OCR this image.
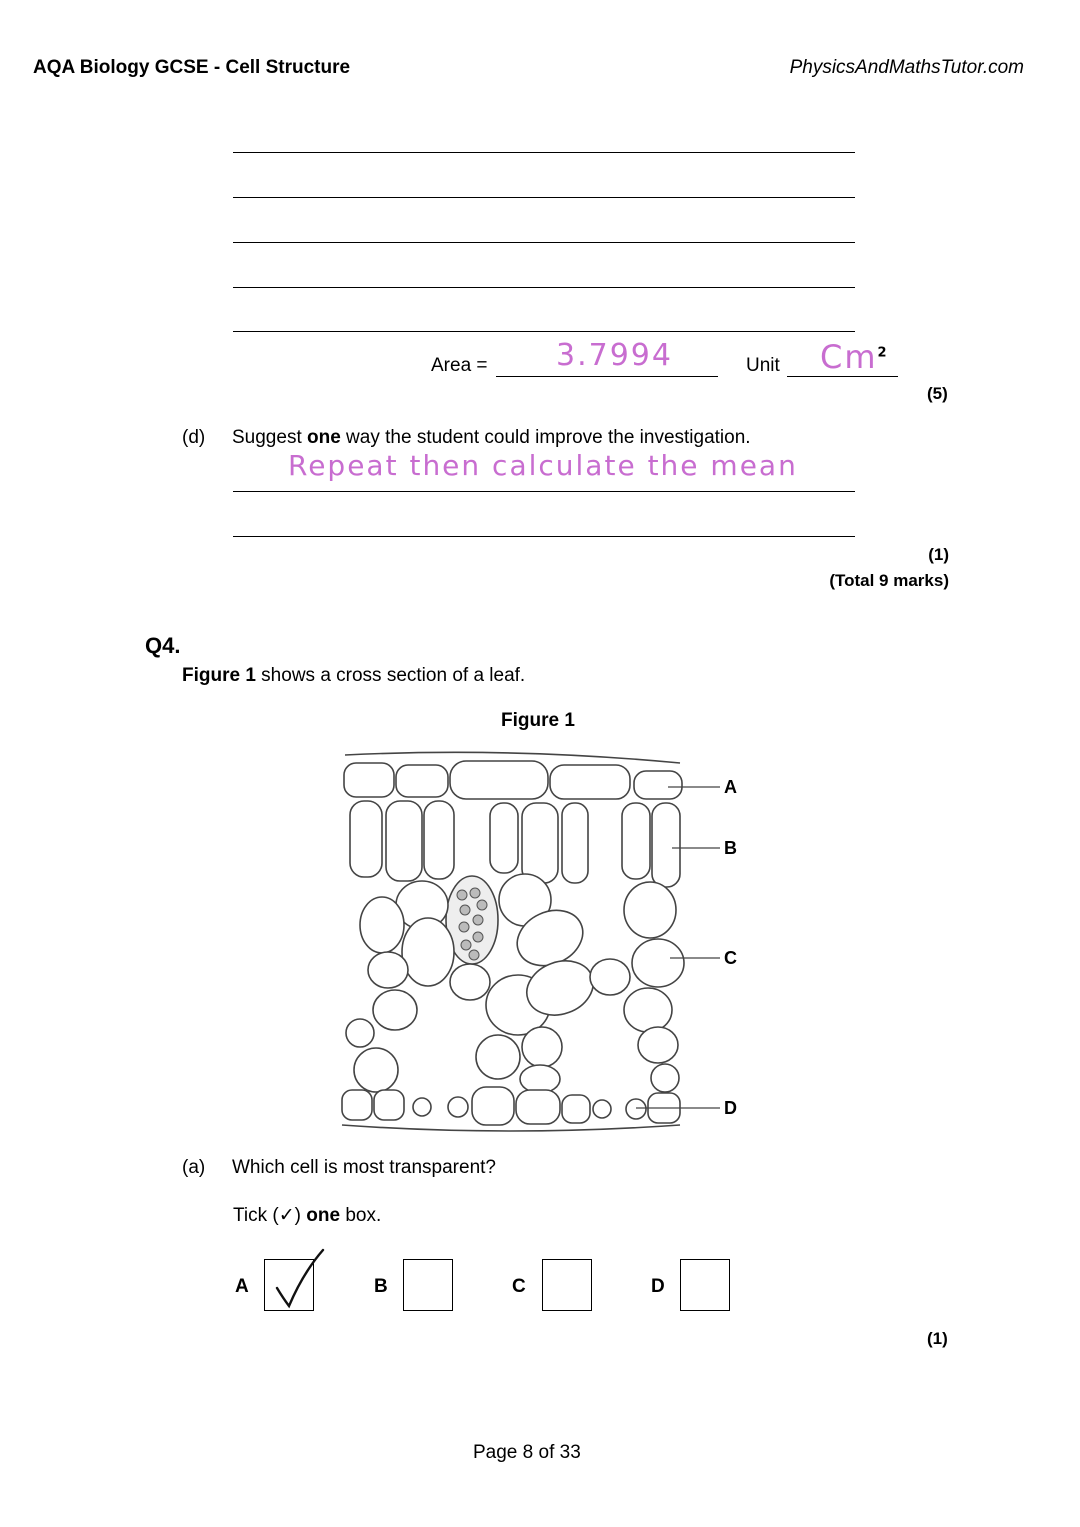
AQA Biology GCSE - Cell Structure	PhysicsAndMathsTutor.com
Area = 3.7994	Unit Cm$^2$
(5)
(d) Suggest one way the student could improve the investigation.
Repeat then calculate the mean
(1)
(Total 9 marks)
Q4.
Figure 1 shows a cross section of a leaf.
Figure 1
A
B
C
D
(a) Which cell is most transparent?
Tick (✓) one box.
A	B	C	D
(1)
Page 8 of 33
